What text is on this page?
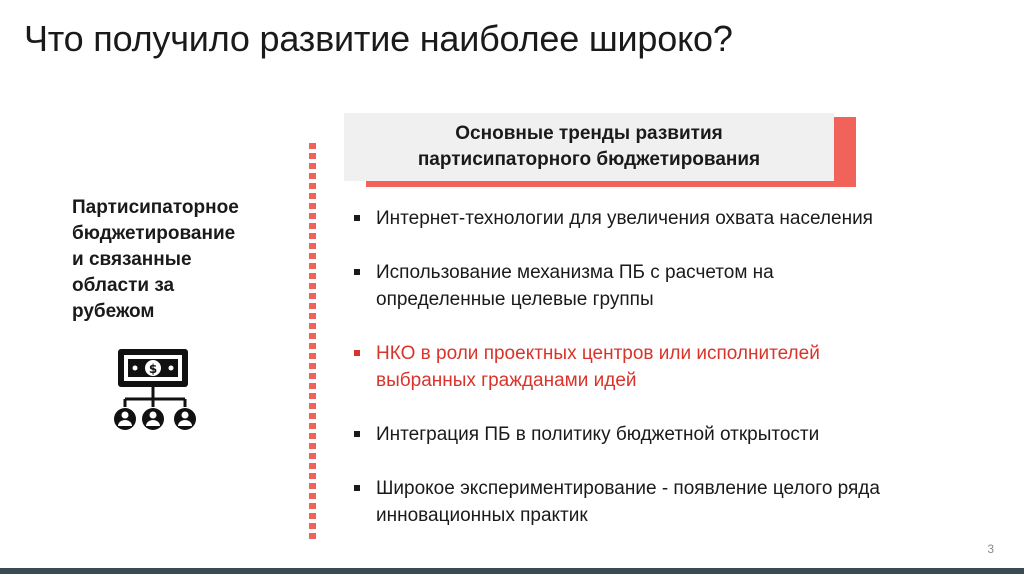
Что получило развитие наиболее широко?
Партисипаторное
бюджетирование
и связанные
области за
рубежом
$
Основные тренды развития
партисипаторного бюджетирования
Интернет-технологии для увеличения охвата населения
Использование механизма ПБ с расчетом на
определенные целевые группы
НКО в роли проектных центров или исполнителей
выбранных гражданами идей
Интеграция ПБ в политику бюджетной открытости
Широкое экспериментирование - появление целого ряда
инновационных практик
3
